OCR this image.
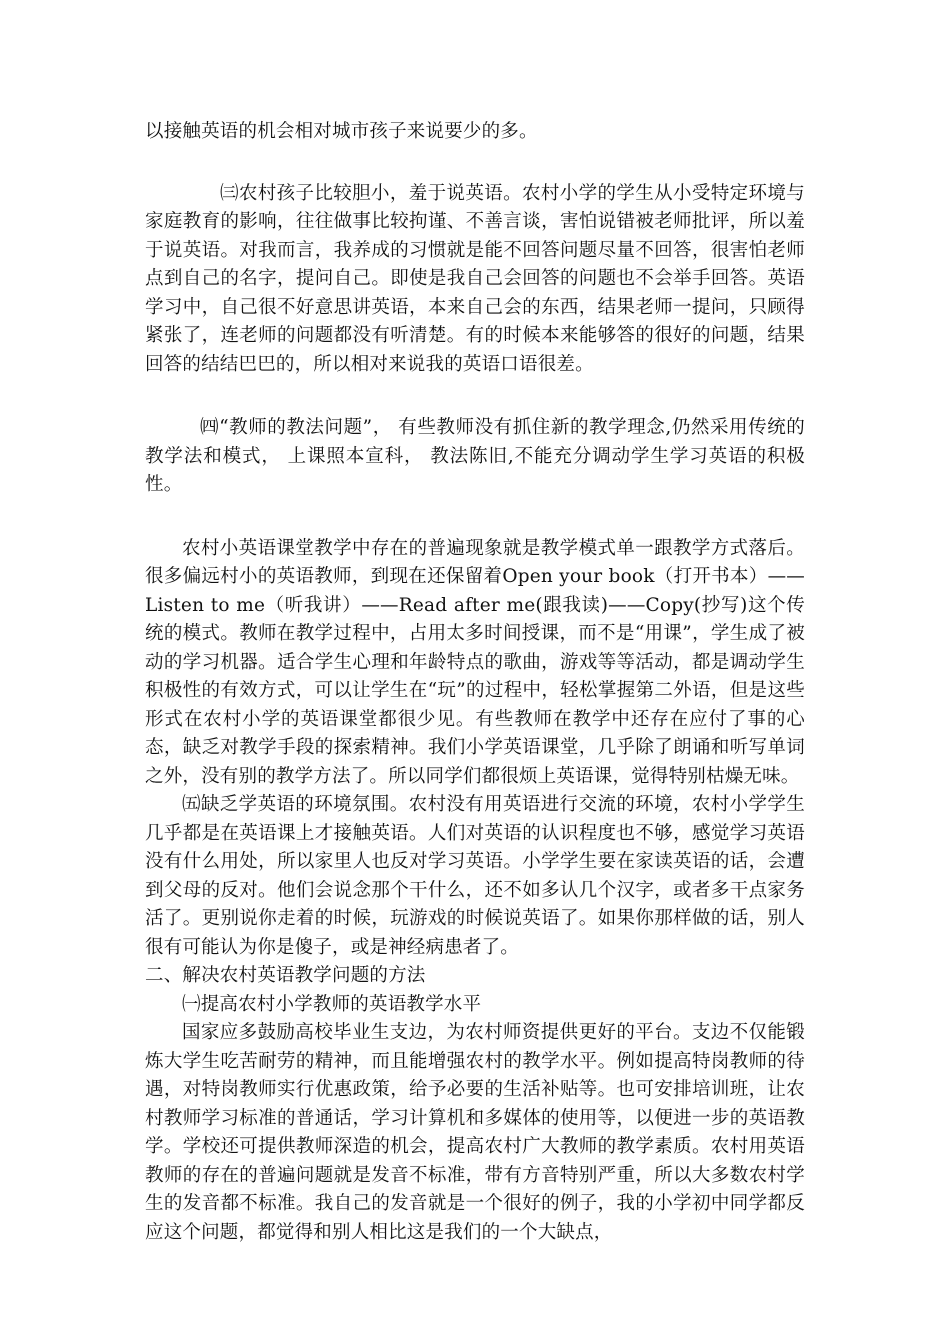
以接触英语的机会相对城市孩子来说要少的多。

㈢农村孩子比较胆小，羞于说英语。农村小学的学生从小受特定环境与家庭教育的影响，往往做事比较拘谨、不善言谈，害怕说错被老师批评，所以羞于说英语。对我而言，我养成的习惯就是能不回答问题尽量不回答，很害怕老师点到自己的名字，提问自己。即使是我自己会回答的问题也不会举手回答。英语学习中，自己很不好意思讲英语，本来自己会的东西，结果老师一提问，只顾得紧张了，连老师的问题都没有听清楚。有的时候本来能够答的很好的问题，结果回答的结结巴巴的，所以相对来说我的英语口语很差。

㈣“教师的教法问题”， 有些教师没有抓住新的教学理念,仍然采用传统的教学法和模式， 上课照本宣科， 教法陈旧,不能充分调动学生学习英语的积极性。

农村小英语课堂教学中存在的普遍现象就是教学模式单一跟教学方式落后。很多偏远村小的英语教师，到现在还保留着Open your book（打开书本）——Listen to me（听我讲）——Read after me(跟我读)——Copy(抄写)这个传统的模式。教师在教学过程中，占用太多时间授课，而不是“用课”，学生成了被动的学习机器。适合学生心理和年龄特点的歌曲，游戏等等活动，都是调动学生积极性的有效方式，可以让学生在“玩”的过程中，轻松掌握第二外语，但是这些形式在农村小学的英语课堂都很少见。有些教师在教学中还存在应付了事的心态，缺乏对教学手段的探索精神。我们小学英语课堂，几乎除了朗诵和听写单词之外，没有别的教学方法了。所以同学们都很烦上英语课，觉得特别枯燥无味。

㈤缺乏学英语的环境氛围。农村没有用英语进行交流的环境，农村小学学生几乎都是在英语课上才接触英语。人们对英语的认识程度也不够，感觉学习英语没有什么用处，所以家里人也反对学习英语。小学学生要在家读英语的话，会遭到父母的反对。他们会说念那个干什么，还不如多认几个汉字，或者多干点家务活了。更别说你走着的时候，玩游戏的时候说英语了。如果你那样做的话，别人很有可能认为你是傻子，或是神经病患者了。

二、解决农村英语教学问题的方法

㈠提高农村小学教师的英语教学水平

国家应多鼓励高校毕业生支边，为农村师资提供更好的平台。支边不仅能锻炼大学生吃苦耐劳的精神，而且能增强农村的教学水平。例如提高特岗教师的待遇，对特岗教师实行优惠政策，给予必要的生活补贴等。也可安排培训班，让农村教师学习标准的普通话，学习计算机和多媒体的使用等，以便进一步的英语教学。学校还可提供教师深造的机会，提高农村广大教师的教学素质。农村用英语教师的存在的普遍问题就是发音不标准，带有方音特别严重，所以大多数农村学生的发音都不标准。我自己的发音就是一个很好的例子，我的小学初中同学都反应这个问题，都觉得和别人相比这是我们的一个大缺点，
